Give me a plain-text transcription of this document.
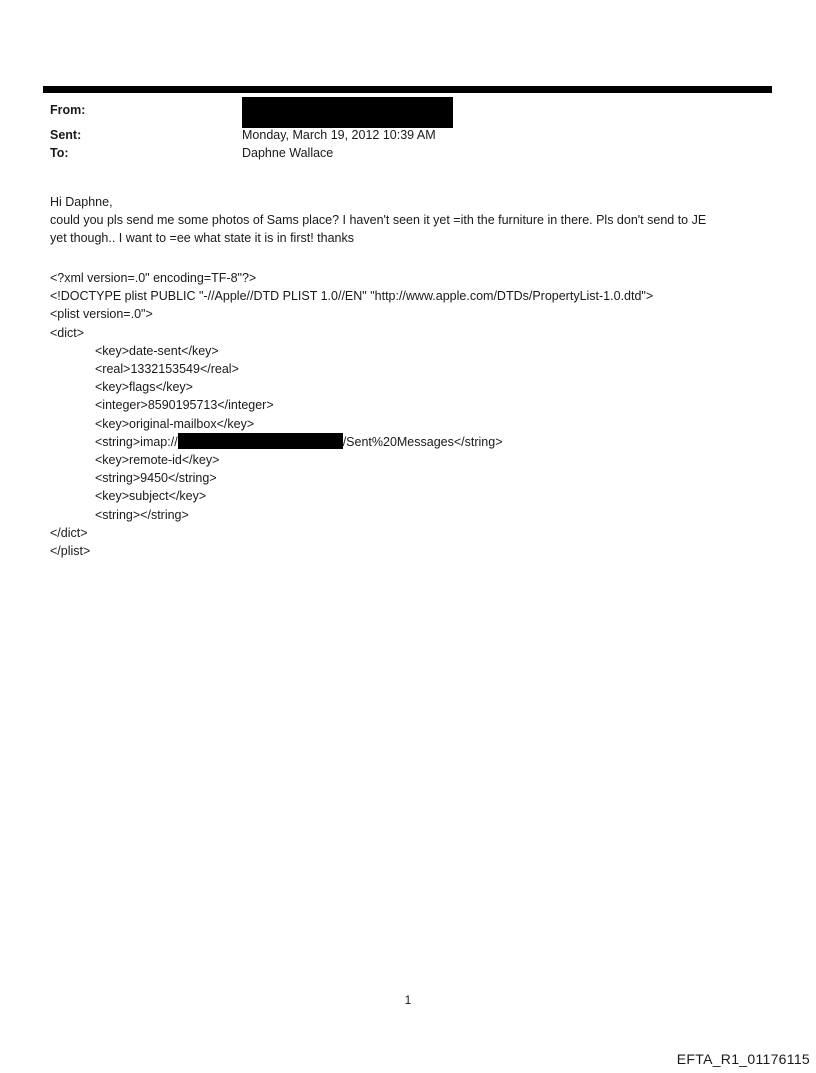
From:
Sent:	Monday, March 19, 2012 10:39 AM
To:	Daphne Wallace
Hi Daphne,
could you pls send me some photos of Sams place? I haven't seen it yet =ith the furniture in there. Pls don't send to JE
yet though.. I want to =ee what state it is in first! thanks
<?xml version=.0" encoding=TF-8"?>
<!DOCTYPE plist PUBLIC "-//Apple//DTD PLIST 1.0//EN" "http://www.apple.com/DTDs/PropertyList-1.0.dtd">
<plist version=.0">
<dict>
<key>date-sent</key>
<real>1332153549</real>
<key>flags</key>
<integer>8590195713</integer>
<key>original-mailbox</key>
<string>imap://	/Sent%20Messages</string>
<key>remote-id</key>
<string>9450</string>
<key>subject</key>
<string></string>
</dict>
</plist>
1
EFTA_R1_01176115
